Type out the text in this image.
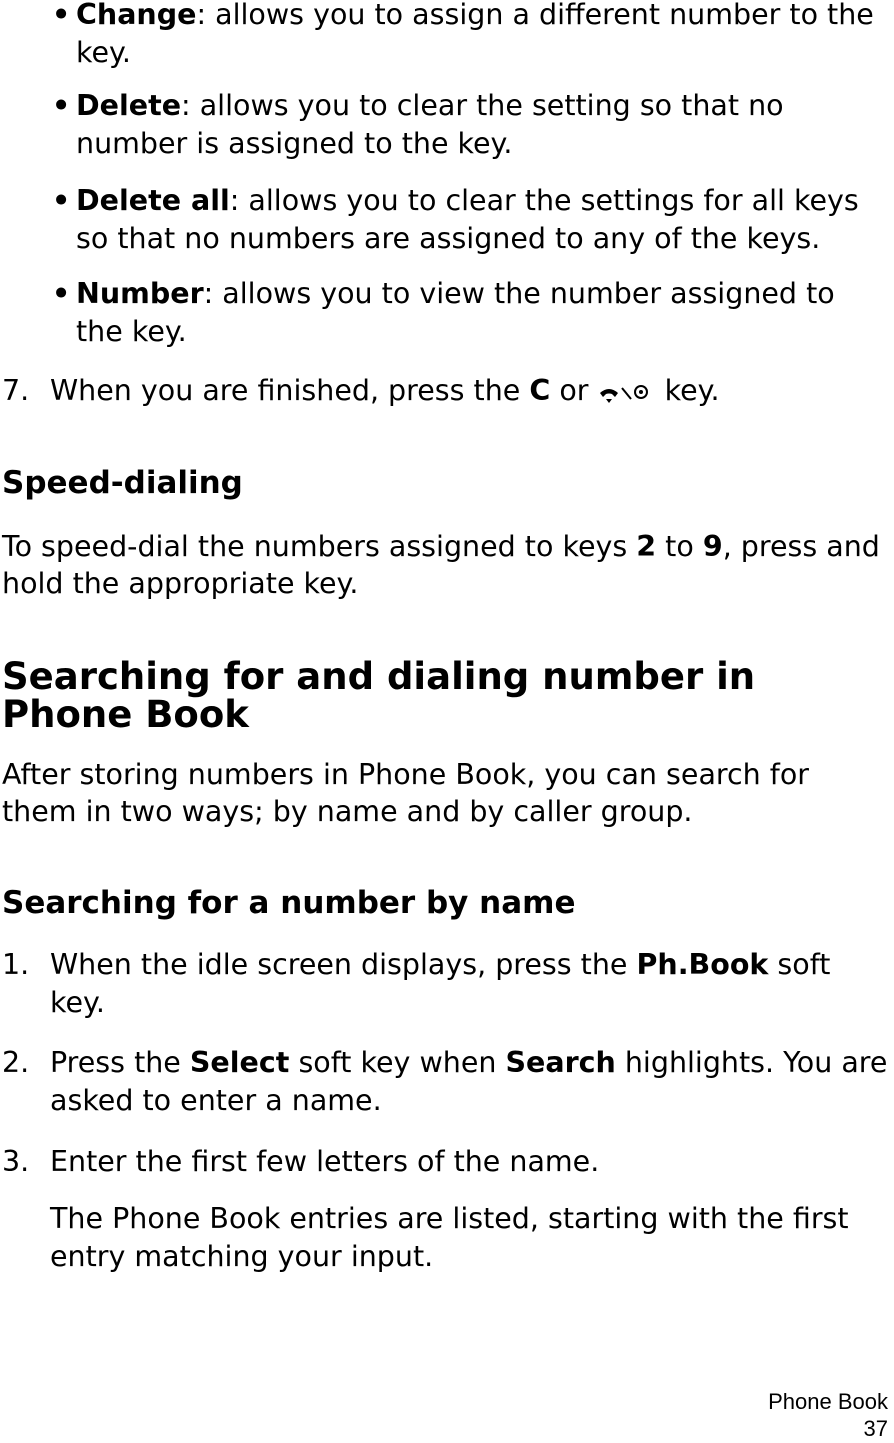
• Change: allows you to assign a different number to the key.
• Delete: allows you to clear the setting so that no number is assigned to the key.
• Delete all: allows you to clear the settings for all keys so that no numbers are assigned to any of the keys.
• Number: allows you to view the number assigned to the key.
7. When you are finished, press the C or  key.
Speed-dialing
To speed-dial the numbers assigned to keys 2 to 9, press and hold the appropriate key.
Searching for and dialing number in
Phone Book
After storing numbers in Phone Book, you can search for them in two ways; by name and by caller group.
Searching for a number by name
1. When the idle screen displays, press the Ph.Book soft key.
2. Press the Select soft key when Search highlights. You are asked to enter a name.
3. Enter the first few letters of the name.
The Phone Book entries are listed, starting with the first entry matching your input.
Phone Book
37
